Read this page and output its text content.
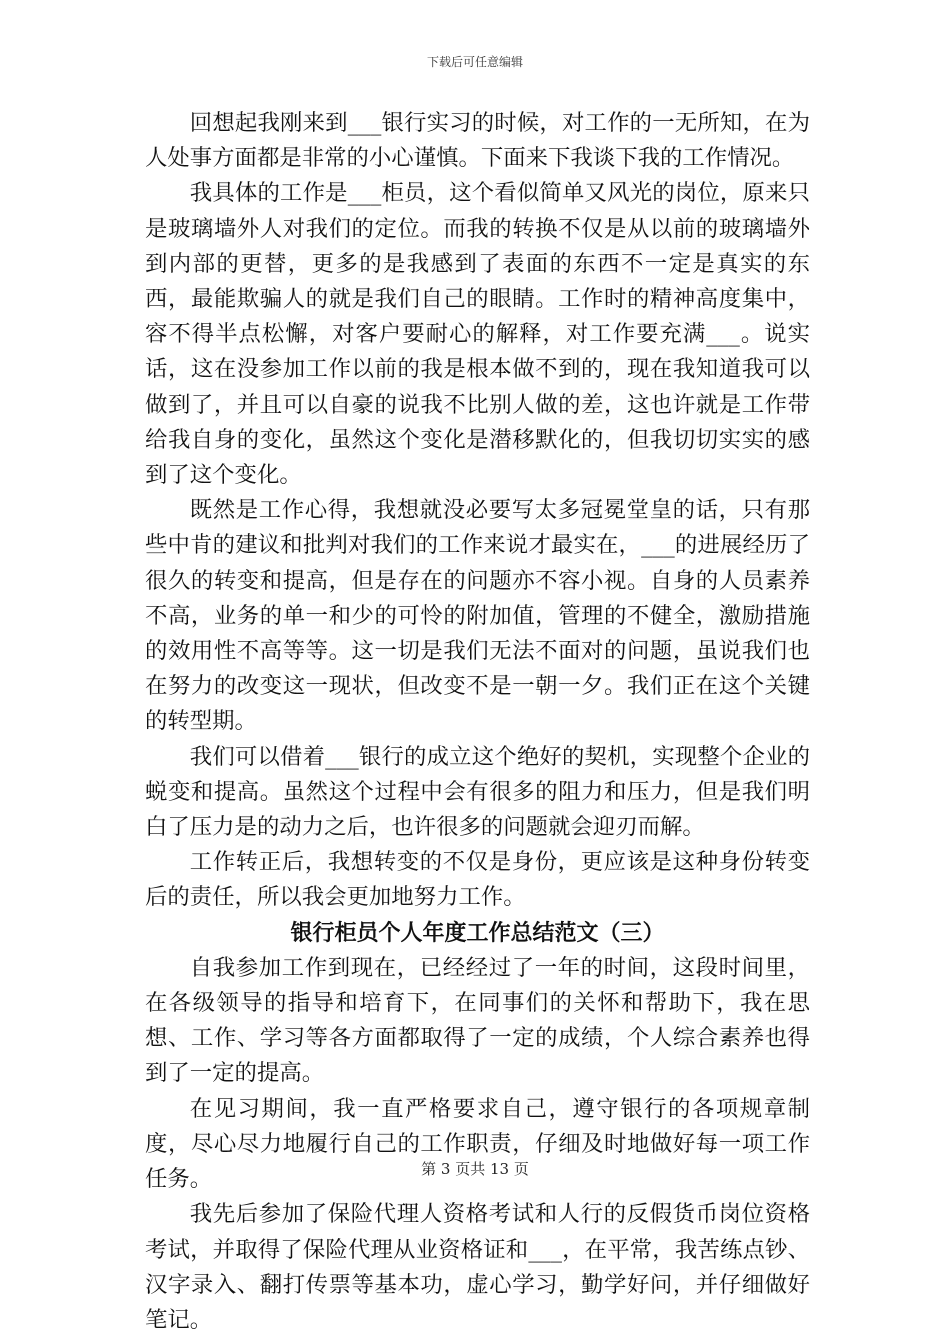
下载后可任意编辑

回想起我刚来到___银行实习的时候，对工作的一无所知，在为人处事方面都是非常的小心谨慎。下面来下我谈下我的工作情况。

我具体的工作是___柜员，这个看似简单又风光的岗位，原来只是玻璃墙外人对我们的定位。而我的转换不仅是从以前的玻璃墙外到内部的更替，更多的是我感到了表面的东西不一定是真实的东西，最能欺骗人的就是我们自己的眼睛。工作时的精神高度集中，容不得半点松懈，对客户要耐心的解释，对工作要充满___。说实话，这在没参加工作以前的我是根本做不到的，现在我知道我可以做到了，并且可以自豪的说我不比别人做的差，这也许就是工作带给我自身的变化，虽然这个变化是潜移默化的，但我切切实实的感到了这个变化。

既然是工作心得，我想就没必要写太多冠冕堂皇的话，只有那些中肯的建议和批判对我们的工作来说才最实在，___的进展经历了很久的转变和提高，但是存在的问题亦不容小视。自身的人员素养不高，业务的单一和少的可怜的附加值，管理的不健全，激励措施的效用性不高等等。这一切是我们无法不面对的问题，虽说我们也在努力的改变这一现状，但改变不是一朝一夕。我们正在这个关键的转型期。

我们可以借着___银行的成立这个绝好的契机，实现整个企业的蜕变和提高。虽然这个过程中会有很多的阻力和压力，但是我们明白了压力是的动力之后，也许很多的问题就会迎刃而解。

工作转正后，我想转变的不仅是身份，更应该是这种身份转变后的责任，所以我会更加地努力工作。

银行柜员个人年度工作总结范文（三）

自我参加工作到现在，已经经过了一年的时间，这段时间里，在各级领导的指导和培育下，在同事们的关怀和帮助下，我在思想、工作、学习等各方面都取得了一定的成绩，个人综合素养也得到了一定的提高。

在见习期间，我一直严格要求自己，遵守银行的各项规章制度，尽心尽力地履行自己的工作职责，仔细及时地做好每一项工作任务。

我先后参加了保险代理人资格考试和人行的反假货币岗位资格考试，并取得了保险代理从业资格证和___，在平常，我苦练点钞、汉字录入、翻打传票等基本功，虚心学习，勤学好问，并仔细做好笔记。

第 3 页共 13 页
